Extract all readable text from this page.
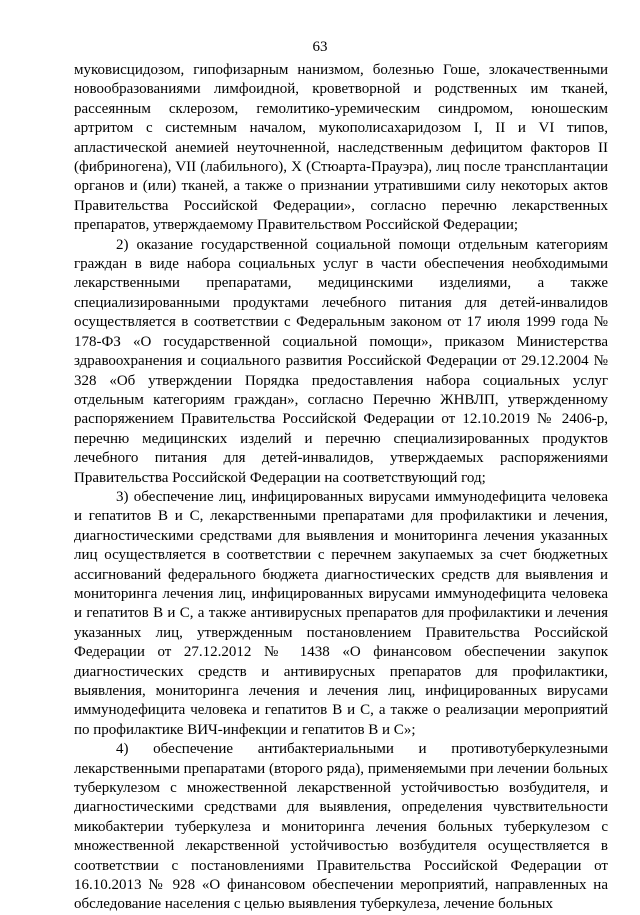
63

муковисцидозом, гипофизарным нанизмом, болезнью Гоше, злокачественными новообразованиями лимфоидной, кроветворной и родственных им тканей, рассеянным склерозом, гемолитико-уремическим синдромом, юношеским артритом с системным началом, мукополисахаридозом I, II и VI типов, апластической анемией неуточненной, наследственным дефицитом факторов II (фибриногена), VII (лабильного), X (Стюарта-Прауэра), лиц после трансплантации органов и (или) тканей, а также о признании утратившими силу некоторых актов Правительства Российской Федерации», согласно перечню лекарственных препаратов, утверждаемому Правительством Российской Федерации;

2) оказание государственной социальной помощи отдельным категориям граждан в виде набора социальных услуг в части обеспечения необходимыми лекарственными препаратами, медицинскими изделиями, а также специализированными продуктами лечебного питания для детей-инвалидов осуществляется в соответствии с Федеральным законом от 17 июля 1999 года № 178-ФЗ «О государственной социальной помощи», приказом Министерства здравоохранения и социального развития Российской Федерации от 29.12.2004 № 328 «Об утверждении Порядка предоставления набора социальных услуг отдельным категориям граждан», согласно Перечню ЖНВЛП, утвержденному распоряжением Правительства Российской Федерации от 12.10.2019 № 2406-р, перечню медицинских изделий и перечню специализированных продуктов лечебного питания для детей-инвалидов, утверждаемых распоряжениями Правительства Российской Федерации на соответствующий год;

3) обеспечение лиц, инфицированных вирусами иммунодефицита человека и гепатитов B и C, лекарственными препаратами для профилактики и лечения, диагностическими средствами для выявления и мониторинга лечения указанных лиц осуществляется в соответствии с перечнем закупаемых за счет бюджетных ассигнований федерального бюджета диагностических средств для выявления и мониторинга лечения лиц, инфицированных вирусами иммунодефицита человека и гепатитов B и C, а также антивирусных препаратов для профилактики и лечения указанных лиц, утвержденным постановлением Правительства Российской Федерации от 27.12.2012 № 1438 «О финансовом обеспечении закупок диагностических средств и антивирусных препаратов для профилактики, выявления, мониторинга лечения и лечения лиц, инфицированных вирусами иммунодефицита человека и гепатитов B и C, а также о реализации мероприятий по профилактике ВИЧ-инфекции и гепатитов B и C»;

4) обеспечение антибактериальными и противотуберкулезными лекарственными препаратами (второго ряда), применяемыми при лечении больных туберкулезом с множественной лекарственной устойчивостью возбудителя, и диагностическими средствами для выявления, определения чувствительности микобактерии туберкулеза и мониторинга лечения больных туберкулезом с множественной лекарственной устойчивостью возбудителя осуществляется в соответствии с постановлениями Правительства Российской Федерации от 16.10.2013 № 928 «О финансовом обеспечении мероприятий, направленных на обследование населения с целью выявления туберкулеза, лечение больных
